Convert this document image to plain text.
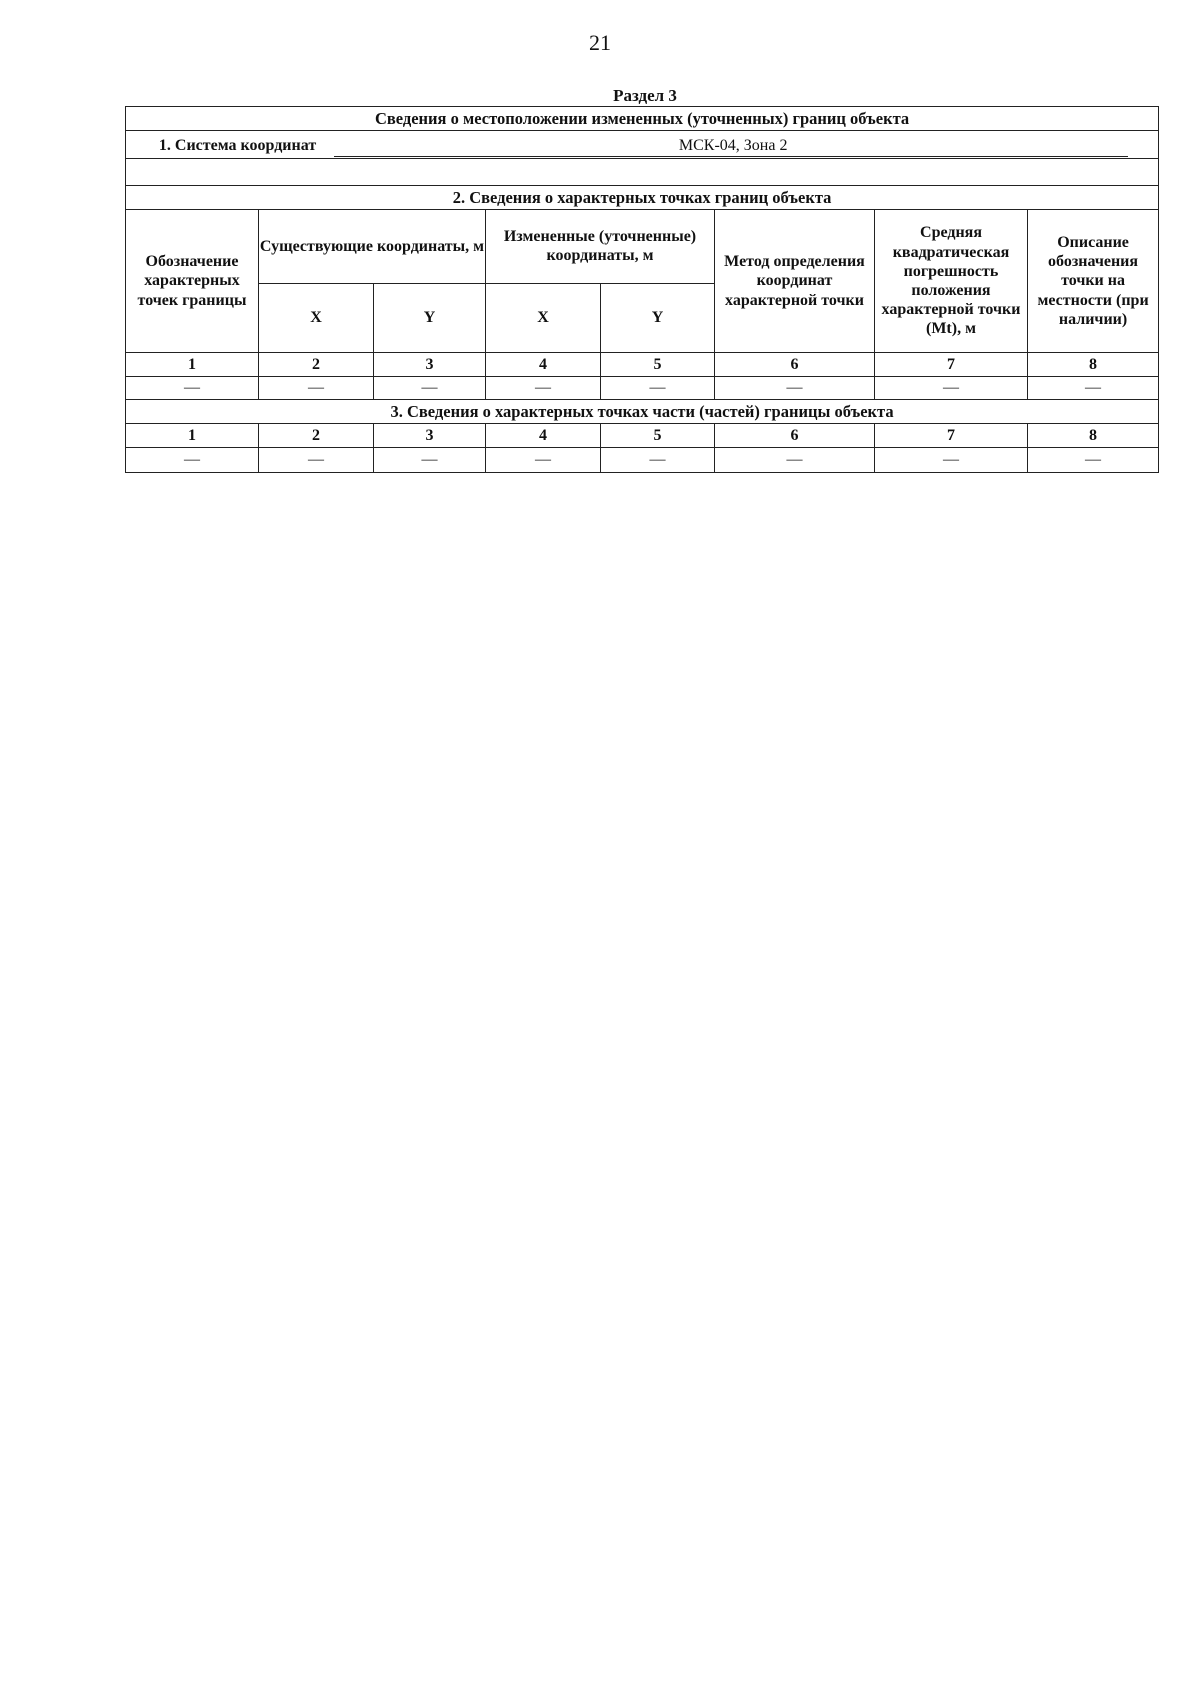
21
Раздел 3
Сведения о местоположении измененных (уточненных) границ объекта							
1. Система координат МСК-04, Зона 2							

2. Сведения о характерных точках границ объекта							
Обозначение характерных точек границы	Существующие координаты, м		Измененные (уточненные) координаты, м		Метод определения координат характерной точки	Средняя квадратическая погрешность положения характерной точки (Mt), м	Описание обозначения точки на местности (при наличии)
	X	Y	X	Y			
1	2	3	4	5	6	7	8
—	—	—	—	—	—	—	—
3. Сведения о характерных точках части (частей) границы объекта							
1	2	3	4	5	6	7	8
—	—	—	—	—	—	—	—
